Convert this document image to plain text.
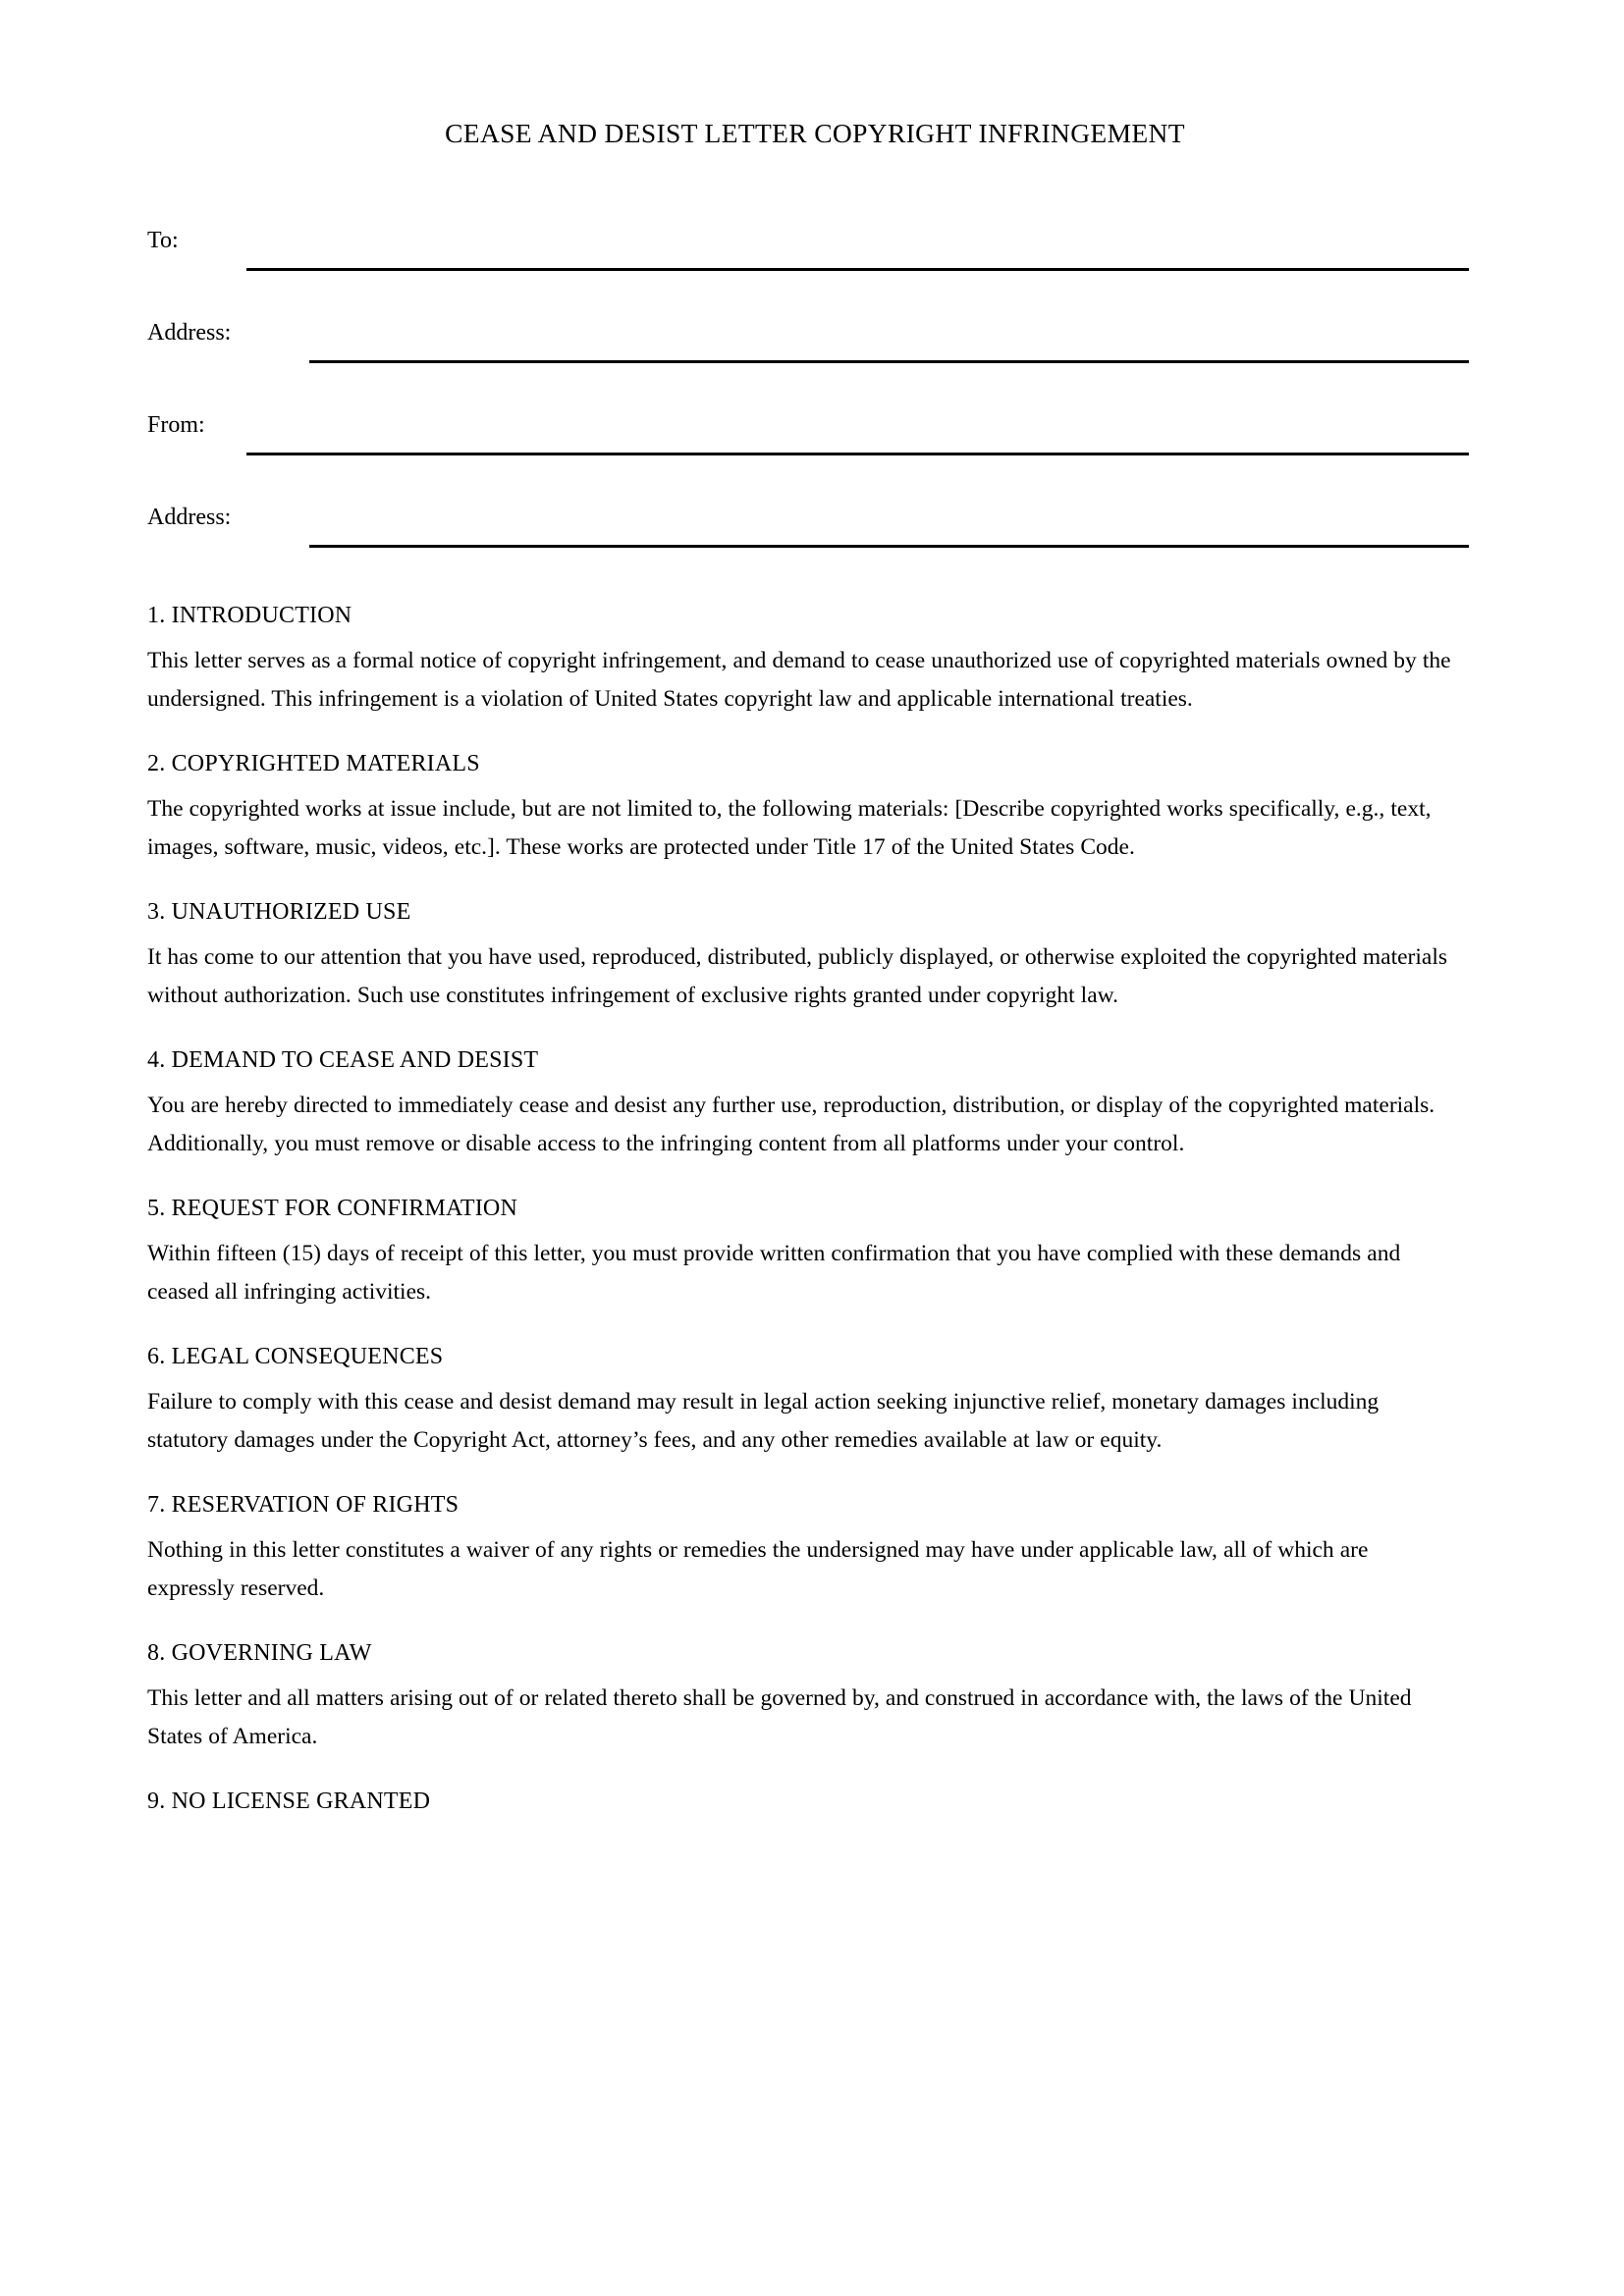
CEASE AND DESIST LETTER COPYRIGHT INFRINGEMENT
To:
Address:
From:
Address:
1. INTRODUCTION

This letter serves as a formal notice of copyright infringement, and demand to cease unauthorized use of copyrighted materials owned by the undersigned. This infringement is a violation of United States copyright law and applicable international treaties.

2. COPYRIGHTED MATERIALS

The copyrighted works at issue include, but are not limited to, the following materials: [Describe copyrighted works specifically, e.g., text, images, software, music, videos, etc.]. These works are protected under Title 17 of the United States Code.

3. UNAUTHORIZED USE

It has come to our attention that you have used, reproduced, distributed, publicly displayed, or otherwise exploited the copyrighted materials without authorization. Such use constitutes infringement of exclusive rights granted under copyright law.

4. DEMAND TO CEASE AND DESIST

You are hereby directed to immediately cease and desist any further use, reproduction, distribution, or display of the copyrighted materials. Additionally, you must remove or disable access to the infringing content from all platforms under your control.

5. REQUEST FOR CONFIRMATION

Within fifteen (15) days of receipt of this letter, you must provide written confirmation that you have complied with these demands and ceased all infringing activities.

6. LEGAL CONSEQUENCES

Failure to comply with this cease and desist demand may result in legal action seeking injunctive relief, monetary damages including statutory damages under the Copyright Act, attorney’s fees, and any other remedies available at law or equity.

7. RESERVATION OF RIGHTS

Nothing in this letter constitutes a waiver of any rights or remedies the undersigned may have under applicable law, all of which are expressly reserved.

8. GOVERNING LAW

This letter and all matters arising out of or related thereto shall be governed by, and construed in accordance with, the laws of the United States of America.

9. NO LICENSE GRANTED
